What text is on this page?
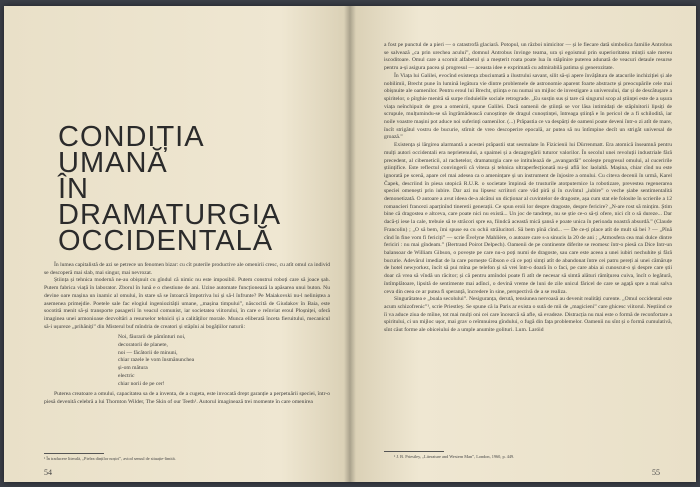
CONDIȚIA
UMANĂ
ÎN
DRAMATURGIA
OCCIDENTALĂ

În lumea capitalistă de azi se petrece un fenomen bizar: cu cît puterile productive ale omenirii cresc, cu atît omul ca individ se descoperă mai slab, mai singur, mai nevrozat.

Știința și tehnica modernă ne-au obișnuit cu gîndul că nimic nu este imposibil. Putem construi roboți care să joace șah. Putem fabrica viață în laborator. Zborul în lună e o chestiune de ani. Uzine automate funcționează la apăsarea unui buton. Nu devine oare mașina un inamic al omului, în stare să se întoarcă împotriva lui și să-l înfrunte? Pe Maiakovski nu-l neliniștea a asemenea primejdie. Poetele sale fac elogiul ingeniozității umane, „mașina timpului”, născocită de Giudakov în Baia, este socotită menit să-și transporte pasagerii în veacul comunist, iar societatea viitorului, în care e reînviat eroul Ploșniței, oferă imaginea unei armonioase dezvoltări a resurselor tehnicii și a calităților morale. Munca eliberată înceta fieruitului, mecanicul să-i ușureze „prihăniți” din Misterul buf mîndria de creatori și stăpîni ai bogățiilor naturii:

Noi, făurarii de pămînturi noi,
decoratorii de planete,
noi — făcătorii de minuni,
chiar razele le vom însmănuncheа
și-om mătura
electric
chiar norii de pe cer!

Puterea creatoare a omului, capacitatea sa de a inventa, de a cugeta, este invocată drept garanție a perpetuării speciei, într-o piesă devenită celebră a lui Thornton Wilder, The Skin of our Teeth¹. Autorul imaginează trei momente în care omenirea

¹ În traducere literală, „Pielea dinților noștri”, aviod sensul de situație-limită.
54

a fost pe punctul de a pieri — o catastrofă glaciară. Potopul, un război nimicitor — și le fiecare dată simbolica familie Antrobus se salvează „ca prin urechea acului”, domnul Antrobus învinge teama, ura și egoismul prin superioritatea minții sale mereu iscoditoare. Omul care a scornit alfabetul și a meșterit roata poate lua în stăpînire puterea adunată de veacuri detaule resurse pentru a-și asigura pacea și progresul — aceasta idee e exprimată cu admirabilă patima și generozitate.

În Viața lui Galilei, evocînd existența zbuciumată a ilustrului savant, silit să-și apere învățătura de atacurile inchiziției și ale nobilimii, Brecht pune în lumină legătura vie dintre problemele de astronomie aparent foarte abstracte și preocupările cele mai obișnuite ale oamenilor. Pentru eroul lui Brecht, știința e nu numai un mijloc de investigare a universului, dar și de descătuşare a spiritelor, o pîrghie menită să surpe rînduielile sociale retrograde. „Eu susțin sus și tare că singurul scop al științei este de a ușura viața neînchipuit de grea a omenirii, spune Galilei. Dacă oamenii de știință se vor lăsa intimidați de stăpînitorii lipsiți de scrupule, mulțumindu-se să îngrămădească cunoștințe de dragul cunoștinței, întreaga știință e în pericol de a fi schilodită, iar noile voastre mașini pot aduce noi suferinți oamenilor. (...) Prăpastia ce va despărți de oameni poate deveni într-o zi atît de mare, încît strigătul vostru de bucurie, stîrnit de vreo descoperire epocală, ar putea să nu întîmpine decît un strigăt universal de groază.”

Existența și lărgirea alarmantă a acestei prăpastii stat sesmulate în Fizicienii lui Dürrenmatt. Era atomică înseamnă pentru mulți autori occidentali era neprietenului, a spaimei și a dezagregării tuturor valorilor. În secolul unei revoluții industriale fără precedent, al cibemeticii, al rachetelor, dramaturgia care se intitulează de „avangardă” ocolește progresul omului, al cuceririle științifice. Este reflectul convingerii că viteza și tehnica ultraperfecționată nu-și află loc laolaltă. Mașina, chiar cînd nu este ignorată pe scenă, apare cel mai adesea ca o amenințare și un instrument de înjosire a omului. Cu citeva decenii în urmă, Karel Čapek, descriind în piesa utopică R.U.R. o societate împinsă de trusturile atotputernice la robotizare, prevestea regenerarea speciei omenești prin iubire. Dar azi nu lipsesc scriitori care văd piră și în cuvîntul „iubire” o veche șiabe sentimentalitá demonetizată. O autoare a avut ideea de-a alcătui un dicționar al cuvintelor de dragoste, așa cum stat ele folosite în scrierile a 12 romancieri francezi aparținînd tineretii generații. Ce spun eroii lor despre dragoste, despre fericire? „N-are rost să mințim. Știm bine că dragostea e altceva, care poate nici nu există... Un joc de tandrețe, nu se știe ce-o să-ți ofere, nici cît o să dureze... Dar dacă-ți iese la cale, trebuie să te străcori spre ea, fiindcă această mică șansă e poate unica în perioada noastră absurdă.” (Claude Francolin) ; „O să bem, îmi spuse ea cu ochii strălucitori. Să bem pînă cînd... — De ce-ți place atît de mult să bei ? — „Pînă cînd în fine vom fi fericiți” — scrie Évelyne Mahlière, o autoare care s-a sinucis la 20 de ani ; „Atmosfera cea mai dulce dintre fericiri : nu mai gîndeam.” (Bertrand Poirot Delpech). Oamenii de pe continente diferite se reomesc într-o piesă ca Dice Intr-un balansoar de William Gibson, o povește pe care nu-o poți numi de dragoste, sau care este aceea a unei iubiri nechuhite și fără bucurie. Adevărul imediat de la care pornește Gibson e că ce poți simți atît de abandonat între cei patru pereți ai unei cămăruțe de hotel newyorkez, încît să pui mîna pe telefon și să vrei într-o doară în o faci, pe care abia ai cunoscut-o și despre care știi doar că vrea să vîndă un răcitor; și că pentru amîndoi poate fi atît de necesar să simtă alături rămîțurea cuiva, încît o legătură, întîmplătoare, lipsită de sentimente mai adînci, o devină vreme de luni de zile unicul făricel de care se agață spre a mai salva ceva din ceea ce ar putea fi speranță, încredere în sine, perspectivă de a se realiza.

Singurătatea e „boala secolului”. Nesiguranța, derută, tensiunea nervoasă au devenit realități curente. „Omul occidental este acum schizofrenic”¹, scrie Priestley. Se spune că la Paris ar exista o sută de mii de „magicieni” care ghicesc viitorul. Neștiind ce îi va aduce ziua de mîine, tot mai mulți oni cei care încearcă să afle, să evadeze. Distracția nu mai este o formă de reconfortare a spiritului, ci un mijloc ușor, mai grav o reîmnuirea gîndului, o fugă din fața problemelor. Oamenii nu sînt și o formă cumulativă, sînt căut forme ale obiceiului de a umple anumite golituri. Lum. Laróid

¹ J. B. Priestley, „Literature and Western Man”, London, 1960, p. 449.
55
